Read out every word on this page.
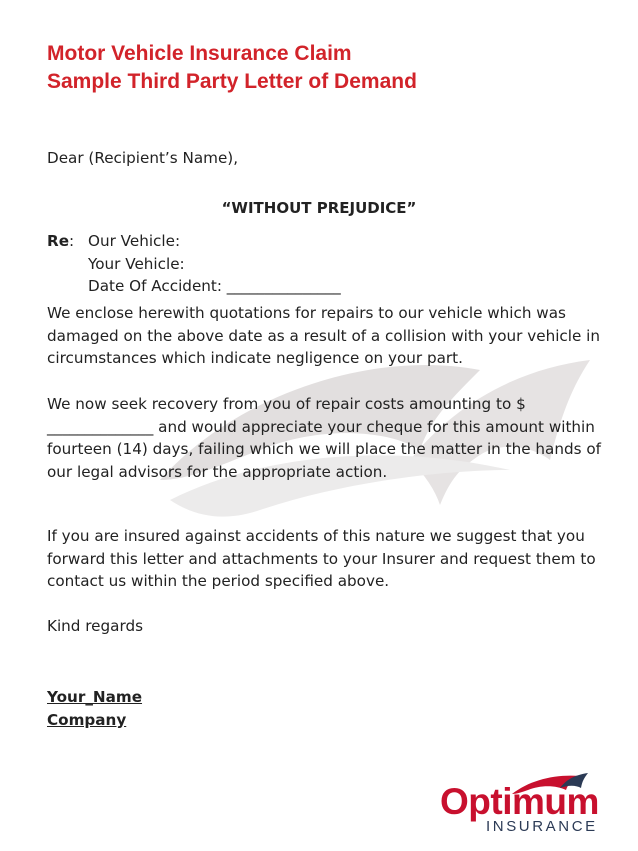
Motor Vehicle Insurance Claim
Sample Third Party Letter of Demand
Dear (Recipient’s Name),
“WITHOUT PREJUDICE”
Re: Our Vehicle:
Your Vehicle:
Date Of Accident: _______________
We enclose herewith quotations for repairs to our vehicle which was damaged on the above date as a result of a collision with your vehicle in circumstances which indicate negligence on your part.
We now seek recovery from you of repair costs amounting to $ ______________ and would appreciate your cheque for this amount within fourteen (14) days, failing which we will place the matter in the hands of our legal advisors for the appropriate action.
If you are insured against accidents of this nature we suggest that you forward this letter and attachments to your Insurer and request them to contact us within the period specified above.
Kind regards
Your_Name
Company
Optimum
INSURANCE
